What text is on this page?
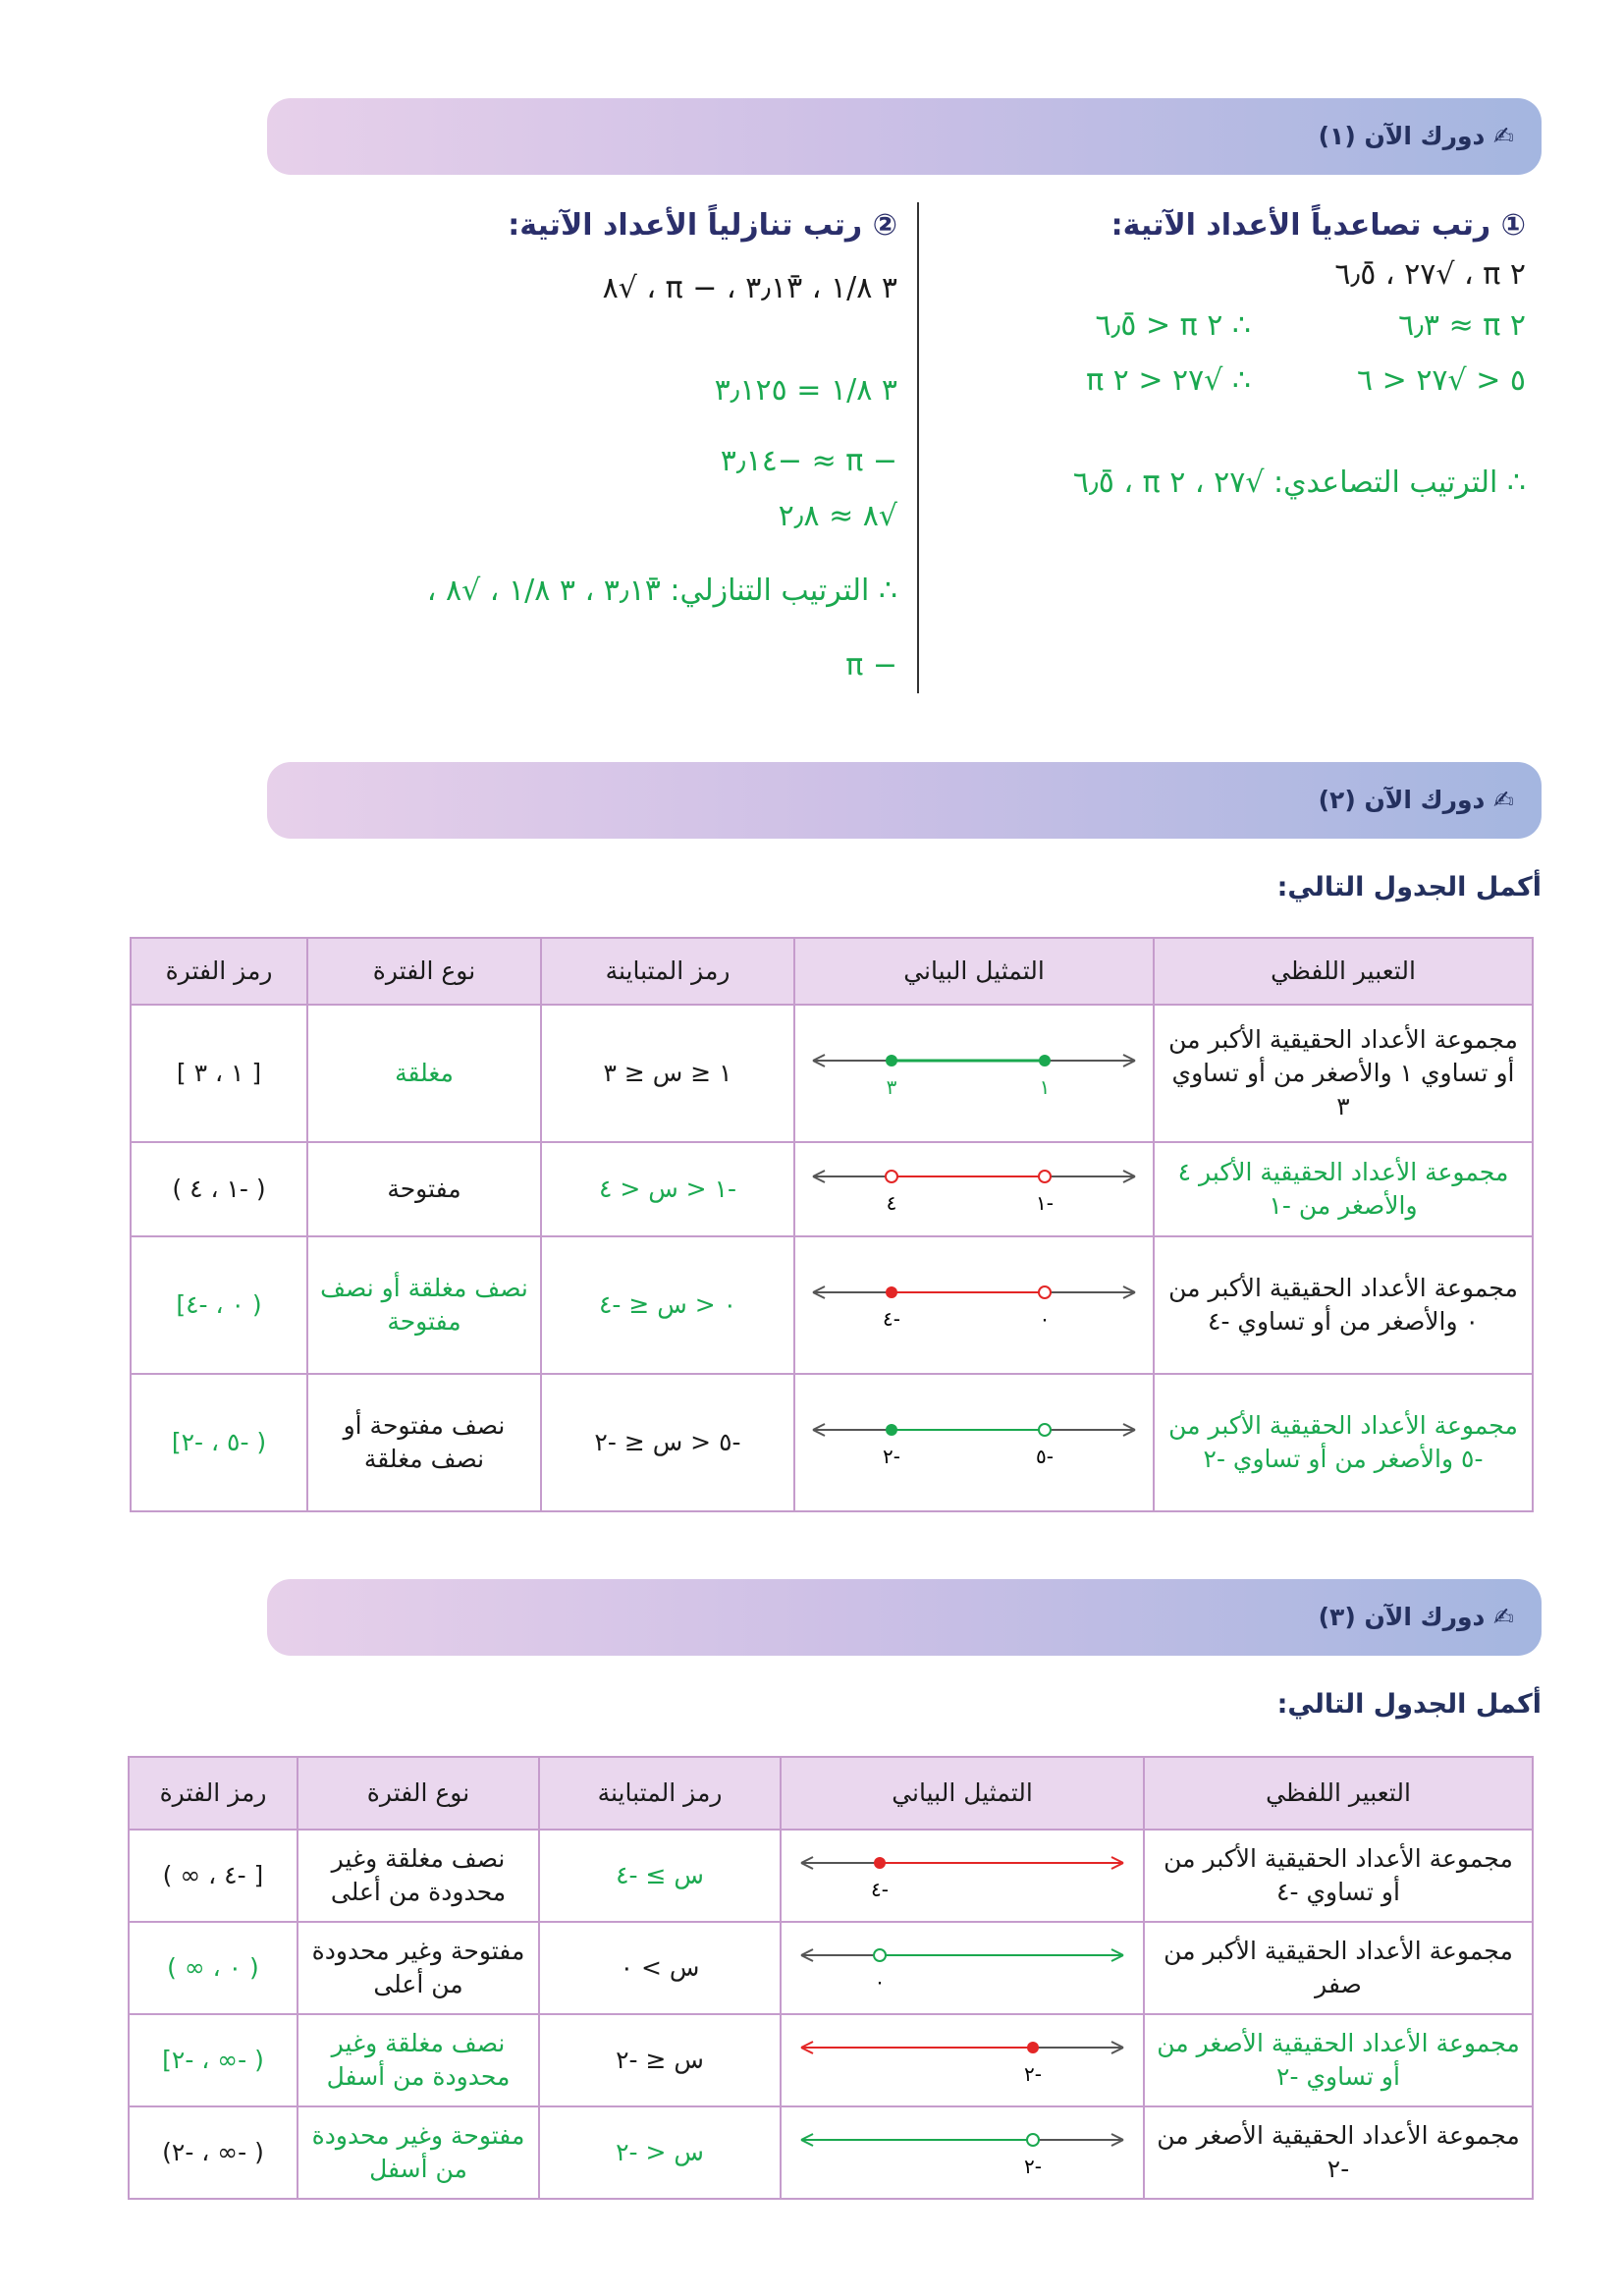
✍ دورك الآن (١)
① رتب تصاعدياً الأعداد الآتية:
٢ π ، √٢٧ ، ٦٫٥̄
٢ π ≈ ٦٫٣
∴ ٢ π < ٦٫٥̄
٥ < √٢٧ < ٦
∴ √٢٧ < ٢ π
∴ الترتيب التصاعدي: √٢٧ ، ٢ π ، ٦٫٥̄
② رتب تنازلياً الأعداد الآتية:
٣ ١/٨ ، ٣٫١٣̄ ، − π ، √٨
٣ ١/٨ = ٣٫١٢٥
− π ≈ −٣٫١٤
√٨ ≈ ٢٫٨
∴ الترتيب التنازلي: ٣٫١٣̄ ، ٣ ١/٨ ، √٨ ،
− π
✍ دورك الآن (٢)
أكمل الجدول التالي:
التعبير اللفظي	التمثيل البياني	رمز المتباينة	نوع الفترة	رمز الفترة
مجموعة الأعداد الحقيقية الأكبر من أو تساوي ١ والأصغر من أو تساوي ٣	٣ ١	١ ≤ س ≤ ٣	مغلقة	[ ١ ، ٣ ]
مجموعة الأعداد الحقيقية الأكبر ٤ والأصغر من -١	٤ -١	-١ < س < ٤	مفتوحة	( -١ ، ٤ )
مجموعة الأعداد الحقيقية الأكبر من ٠ والأصغر من أو تساوي -٤	-٤ ٠	٠ < س ≤ -٤	نصف مغلقة أو نصف مفتوحة	( ٠ ، -٤]
مجموعة الأعداد الحقيقية الأكبر من -٥ والأصغر من أو تساوي -٢	-٢ -٥	-٥ < س ≤ -٢	نصف مفتوحة أو نصف مغلقة	( -٥ ، -٢]
✍ دورك الآن (٣)
أكمل الجدول التالي:
التعبير اللفظي	التمثيل البياني	رمز المتباينة	نوع الفترة	رمز الفترة
مجموعة الأعداد الحقيقية الأكبر من أو تساوي -٤	-٤	س ≥ -٤	نصف مغلقة وغير محدودة من أعلى	[ -٤ ، ∞ )
مجموعة الأعداد الحقيقية الأكبر من صفر	٠	س > ٠	مفتوحة وغير محدودة من أعلى	( ٠ ، ∞ )
مجموعة الأعداد الحقيقية الأصغر من أو تساوي -٢	-٢	س ≤ -٢	نصف مغلقة وغير محدودة من أسفل	( -∞ ، -٢]
مجموعة الأعداد الحقيقية الأصغر من -٢	-٢	س < -٢	مفتوحة وغير محدودة من أسفل	( -∞ ، -٢)
